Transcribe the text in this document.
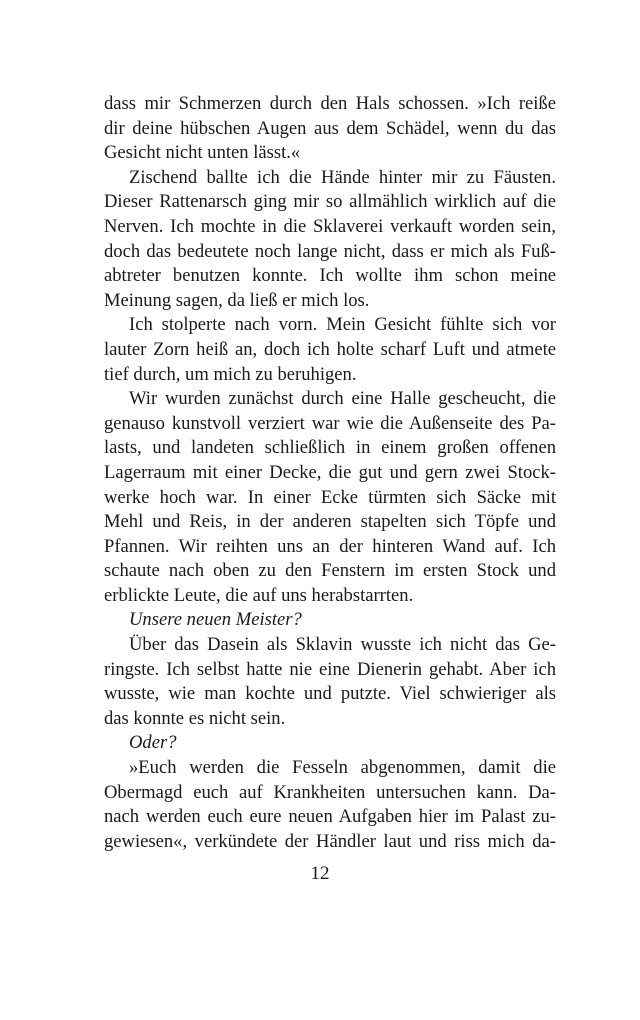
dass mir Schmerzen durch den Hals schossen. »Ich reiße
dir deine hübschen Augen aus dem Schädel, wenn du das
Gesicht nicht unten lässt.«
Zischend ballte ich die Hände hinter mir zu Fäusten.
Dieser Rattenarsch ging mir so allmählich wirklich auf die
Nerven. Ich mochte in die Sklaverei verkauft worden sein,
doch das bedeutete noch lange nicht, dass er mich als Fuß-
abtreter benutzen konnte. Ich wollte ihm schon meine
Meinung sagen, da ließ er mich los.
Ich stolperte nach vorn. Mein Gesicht fühlte sich vor
lauter Zorn heiß an, doch ich holte scharf Luft und atmete
tief durch, um mich zu beruhigen.
Wir wurden zunächst durch eine Halle gescheucht, die
genauso kunstvoll verziert war wie die Außenseite des Pa-
lasts, und landeten schließlich in einem großen offenen
Lagerraum mit einer Decke, die gut und gern zwei Stock-
werke hoch war. In einer Ecke türmten sich Säcke mit
Mehl und Reis, in der anderen stapelten sich Töpfe und
Pfannen. Wir reihten uns an der hinteren Wand auf. Ich
schaute nach oben zu den Fenstern im ersten Stock und
erblickte Leute, die auf uns herabstarrten.
Unsere neuen Meister?
Über das Dasein als Sklavin wusste ich nicht das Ge-
ringste. Ich selbst hatte nie eine Dienerin gehabt. Aber ich
wusste, wie man kochte und putzte. Viel schwieriger als
das konnte es nicht sein.
Oder?
»Euch werden die Fesseln abgenommen, damit die
Obermagd euch auf Krankheiten untersuchen kann. Da-
nach werden euch eure neuen Aufgaben hier im Palast zu-
gewiesen«, verkündete der Händler laut und riss mich da-
12
